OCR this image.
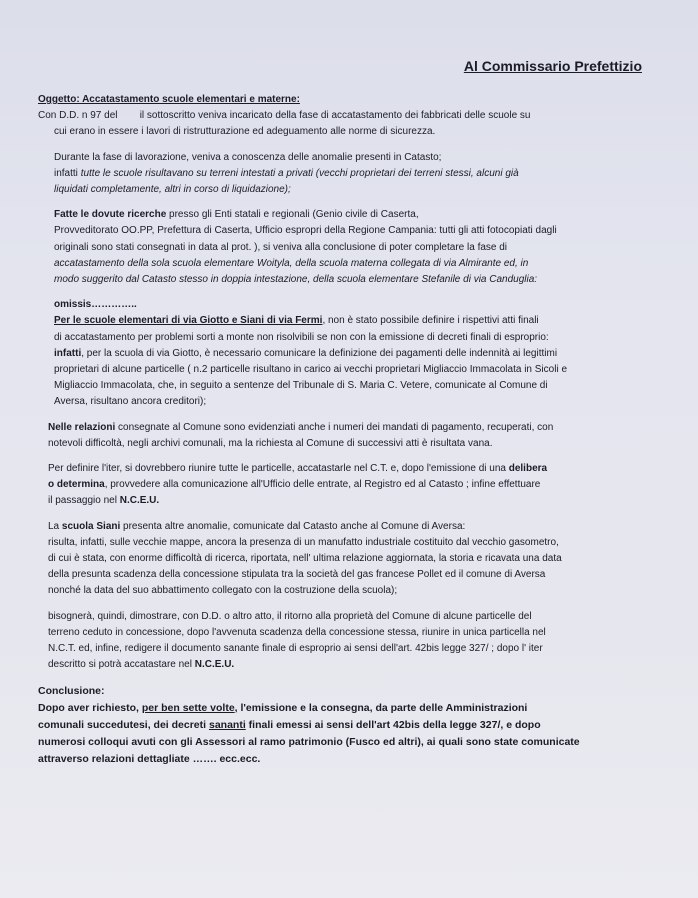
Al Commissario Prefettizio

Oggetto: Accatastamento scuole elementari e materne:

Con D.D. n 97 del        il sottoscritto veniva incaricato della fase di accatastamento dei fabbricati delle scuole su

cui erano in essere i lavori di ristrutturazione ed adeguamento alle norme di sicurezza.

Durante la fase di lavorazione, veniva a conoscenza delle anomalie presenti in Catasto;

infatti tutte le scuole risultavano su terreni intestati a privati (vecchi proprietari dei terreni stessi, alcuni già

liquidati completamente, altri in corso di liquidazione);

Fatte le dovute ricerche presso gli Enti statali e regionali (Genio civile di Caserta,

Provveditorato OO.PP, Prefettura di Caserta, Ufficio espropri della Regione Campania: tutti gli atti fotocopiati dagli

originali sono stati consegnati in data al prot. ), si veniva alla conclusione di poter completare la fase di

accatastamento della sola scuola elementare Woityla, della scuola materna collegata di via Almirante ed, in

modo suggerito dal Catasto stesso in doppia intestazione, della scuola elementare Stefanile di via Canduglia:

omissis…………..

Per le scuole elementari di via Giotto e Siani di via Fermi, non è stato possibile definire i rispettivi atti finali

di accatastamento per problemi sorti a monte non risolvibili se non con la emissione di decreti finali di esproprio:

infatti, per la scuola di via Giotto, è necessario comunicare la definizione dei pagamenti delle indennità ai legittimi

proprietari di alcune particelle ( n.2 particelle risultano in carico ai vecchi proprietari Migliaccio Immacolata in Sicoli e

Migliaccio Immacolata, che, in seguito a sentenze del Tribunale di S. Maria C. Vetere, comunicate al Comune di

Aversa, risultano ancora creditori);

Nelle relazioni consegnate al Comune sono evidenziati anche i numeri dei mandati di pagamento, recuperati, con

notevoli difficoltà, negli archivi comunali, ma la richiesta al Comune di successivi atti è risultata vana.

Per definire l'iter, si dovrebbero riunire tutte le particelle, accatastarle nel C.T. e, dopo l'emissione di una delibera

o determina, provvedere alla comunicazione all'Ufficio delle entrate, al Registro ed al Catasto ; infine effettuare

il passaggio nel N.C.E.U.

La scuola Siani presenta altre anomalie, comunicate dal Catasto anche al Comune di Aversa:

risulta, infatti, sulle vecchie mappe, ancora la presenza di un manufatto industriale costituito dal vecchio gasometro,

di cui è stata, con enorme difficoltà di ricerca, riportata, nell' ultima relazione aggiornata, la storia e ricavata una data

della presunta scadenza della concessione stipulata tra la società del gas francese Pollet ed il comune di Aversa

nonché la data del suo abbattimento collegato con la costruzione della scuola);

bisognerà, quindi, dimostrare, con D.D. o altro atto, il ritorno alla proprietà del Comune di alcune particelle del

terreno ceduto in concessione, dopo l'avvenuta scadenza della concessione stessa, riunire in unica particella nel

N.C.T. ed, infine, redigere il documento sanante finale di esproprio ai sensi dell'art. 42bis legge 327/ ; dopo l' iter

descritto si potrà accatastare nel N.C.E.U.

Conclusione:

Dopo aver richiesto, per ben sette volte, l'emissione e la consegna, da parte delle Amministrazioni

comunali succedutesi, dei decreti sananti finali emessi ai sensi dell'art 42bis della legge 327/, e dopo

numerosi colloqui avuti con gli Assessori al ramo patrimonio (Fusco ed altri), ai quali sono state comunicate

attraverso relazioni dettagliate ……. ecc.ecc.
